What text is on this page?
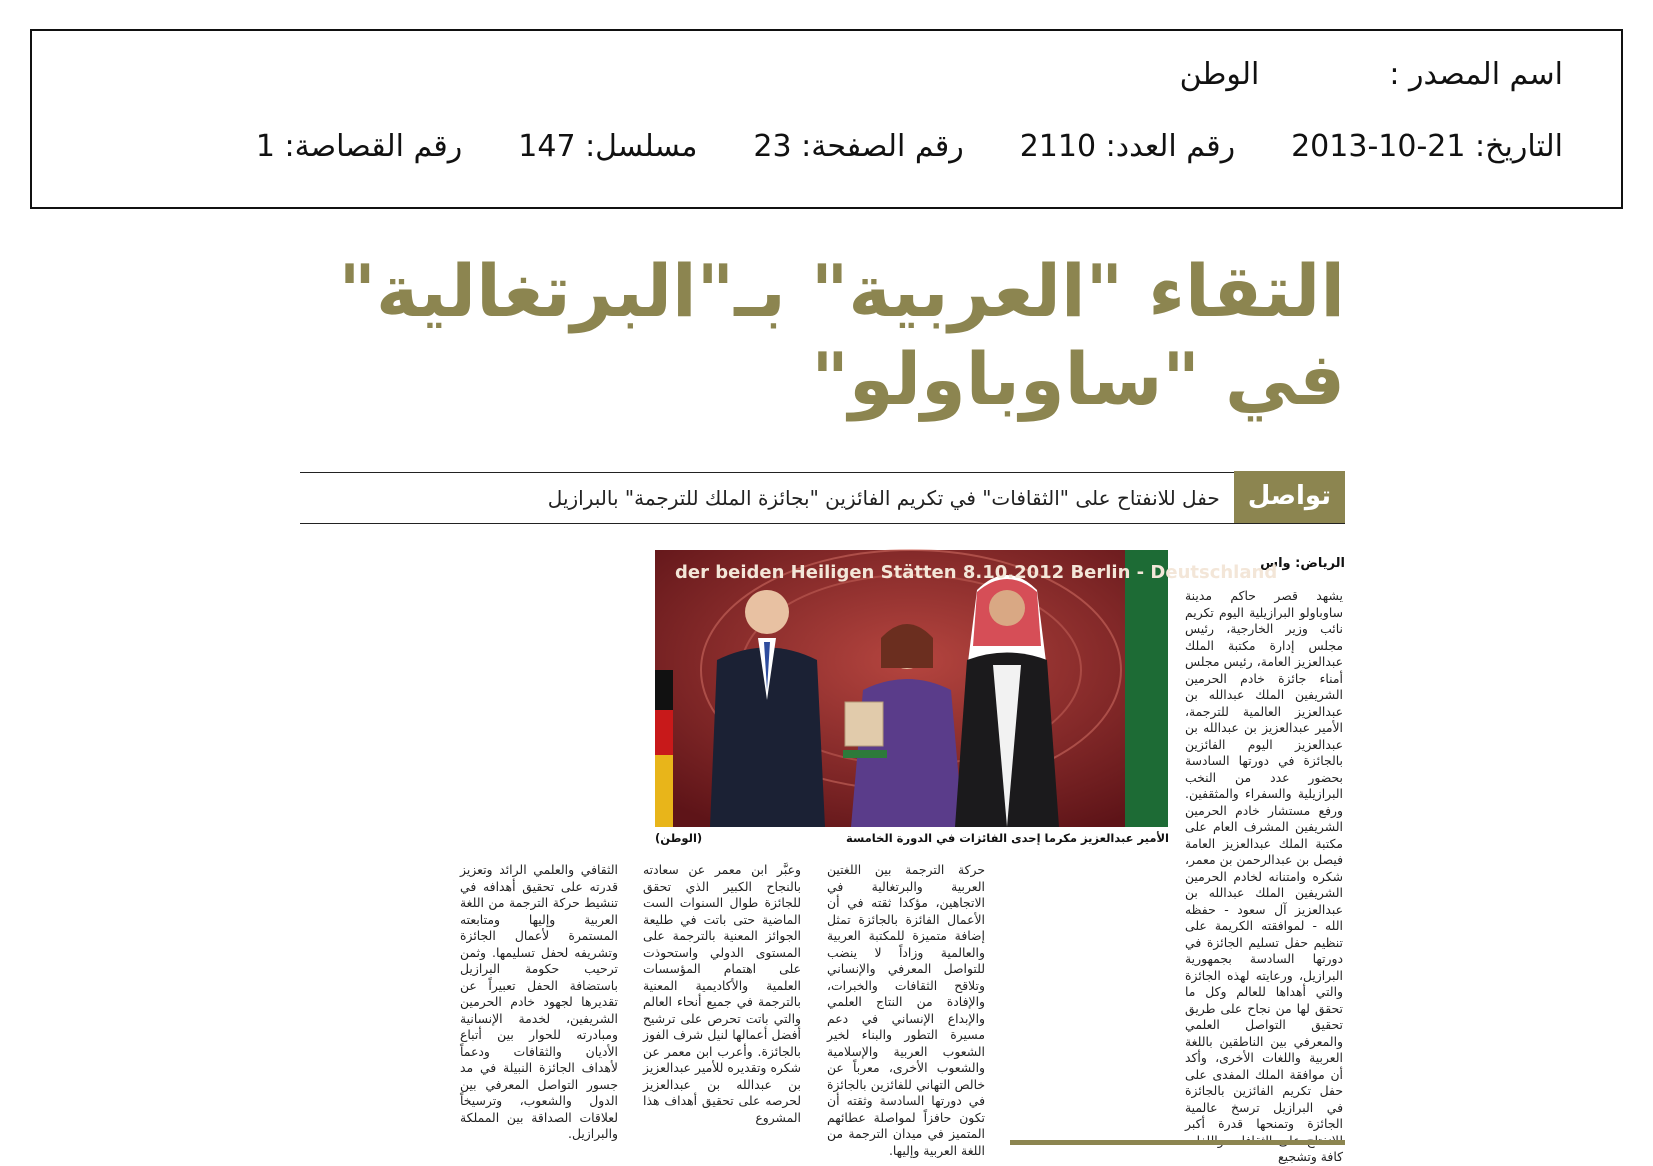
اسم المصدر :
الوطن
التاريخ: 21-10-2013
رقم العدد: 2110
رقم الصفحة: 23
مسلسل: 147
رقم القصاصة: 1
التقاء "العربية" بـ"البرتغالية"
في "ساوباولو"
تواصل
حفل للانفتاح على "الثقافات" في تكريم الفائزين "بجائزة الملك للترجمة" بالبرازيل
الرياض: واس

يشهد قصر حاكم مدينة ساوباولو البرازيلية اليوم تكريم نائب وزير الخارجية، رئيس مجلس إدارة مكتبة الملك عبدالعزيز العامة، رئيس مجلس أمناء جائزة خادم الحرمين الشريفين الملك عبدالله بن عبدالعزيز العالمية للترجمة، الأمير عبدالعزيز بن عبدالله بن عبدالعزيز اليوم الفائزين بالجائزة في دورتها السادسة بحضور عدد من النخب البرازيلية والسفراء والمثقفين. ورفع مستشار خادم الحرمين الشريفين المشرف العام على مكتبة الملك عبدالعزيز العامة فيصل بن عبدالرحمن بن معمر، شكره وامتنانه لخادم الحرمين الشريفين الملك عبدالله بن عبدالعزيز آل سعود - حفظه الله - لموافقته الكريمة على تنظيم حفل تسليم الجائزة في دورتها السادسة بجمهورية البرازيل، ورعايته لهذه الجائزة والتي أهداها للعالم وكل ما تحقق لها من نجاح على طريق تحقيق التواصل العلمي والمعرفي بين الناطقين باللغة العربية واللغات الأخرى، وأكد أن موافقة الملك المفدى على حفل تكريم الفائزين بالجائزة في البرازيل ترسخ عالمية الجائزة وتمنحها قدرة أكبر كافة وتشجيع

der beiden Heiligen Stätten 8.10.2012 Berlin - Deutschland
الأمير عبدالعزيز مكرما إحدى الفائزات في الدورة الخامسة
(الوطن)

حركة الترجمة بين اللغتين العربية والبرتغالية في الاتجاهين، مؤكدا ثقته في أن الأعمال الفائزة بالجائزة تمثل إضافة متميزة للمكتبة العربية والعالمية وزاداً لا ينضب للتواصل المعرفي والإنساني وتلاقح الثقافات والخبرات، والإفادة من النتاج العلمي والإبداع الإنساني في دعم مسيرة التطور والبناء لخير الشعوب العربية والإسلامية والشعوب الأخرى، معرباً عن خالص التهاني للفائزين بالجائزة في دورتها السادسة وثقته أن تكون حافزاً لمواصلة عطائهم المتميز في ميدان الترجمة من اللغة العربية وإليها.

وعبَّر ابن معمر عن سعادته بالنجاح الكبير الذي تحقق للجائزة طوال السنوات الست الماضية حتى باتت في طليعة الجوائز المعنية بالترجمة على المستوى الدولي واستحوذت على اهتمام المؤسسات العلمية والأكاديمية المعنية بالترجمة في جميع أنحاء العالم والتي باتت تحرص على ترشيح أفضل أعمالها لنيل شرف الفوز بالجائزة. وأعرب ابن معمر عن شكره وتقديره للأمير عبدالعزيز بن عبدالله بن عبدالعزيز لحرصه على تحقيق أهداف هذا المشروع

الثقافي والعلمي الرائد وتعزيز قدرته على تحقيق أهدافه في تنشيط حركة الترجمة من اللغة العربية وإليها ومتابعته المستمرة لأعمال الجائزة وتشريفه لحفل تسليمها. وثمن ترحيب حكومة البرازيل باستضافة الحفل تعبيراً عن تقديرها لجهود خادم الحرمين الشريفين، لخدمة الإنسانية ومبادرته للحوار بين أتباع الأديان والثقافات ودعماً لأهداف الجائزة النبيلة في مد جسور التواصل المعرفي بين الدول والشعوب، وترسيخاً لعلاقات الصداقة بين المملكة والبرازيل.
